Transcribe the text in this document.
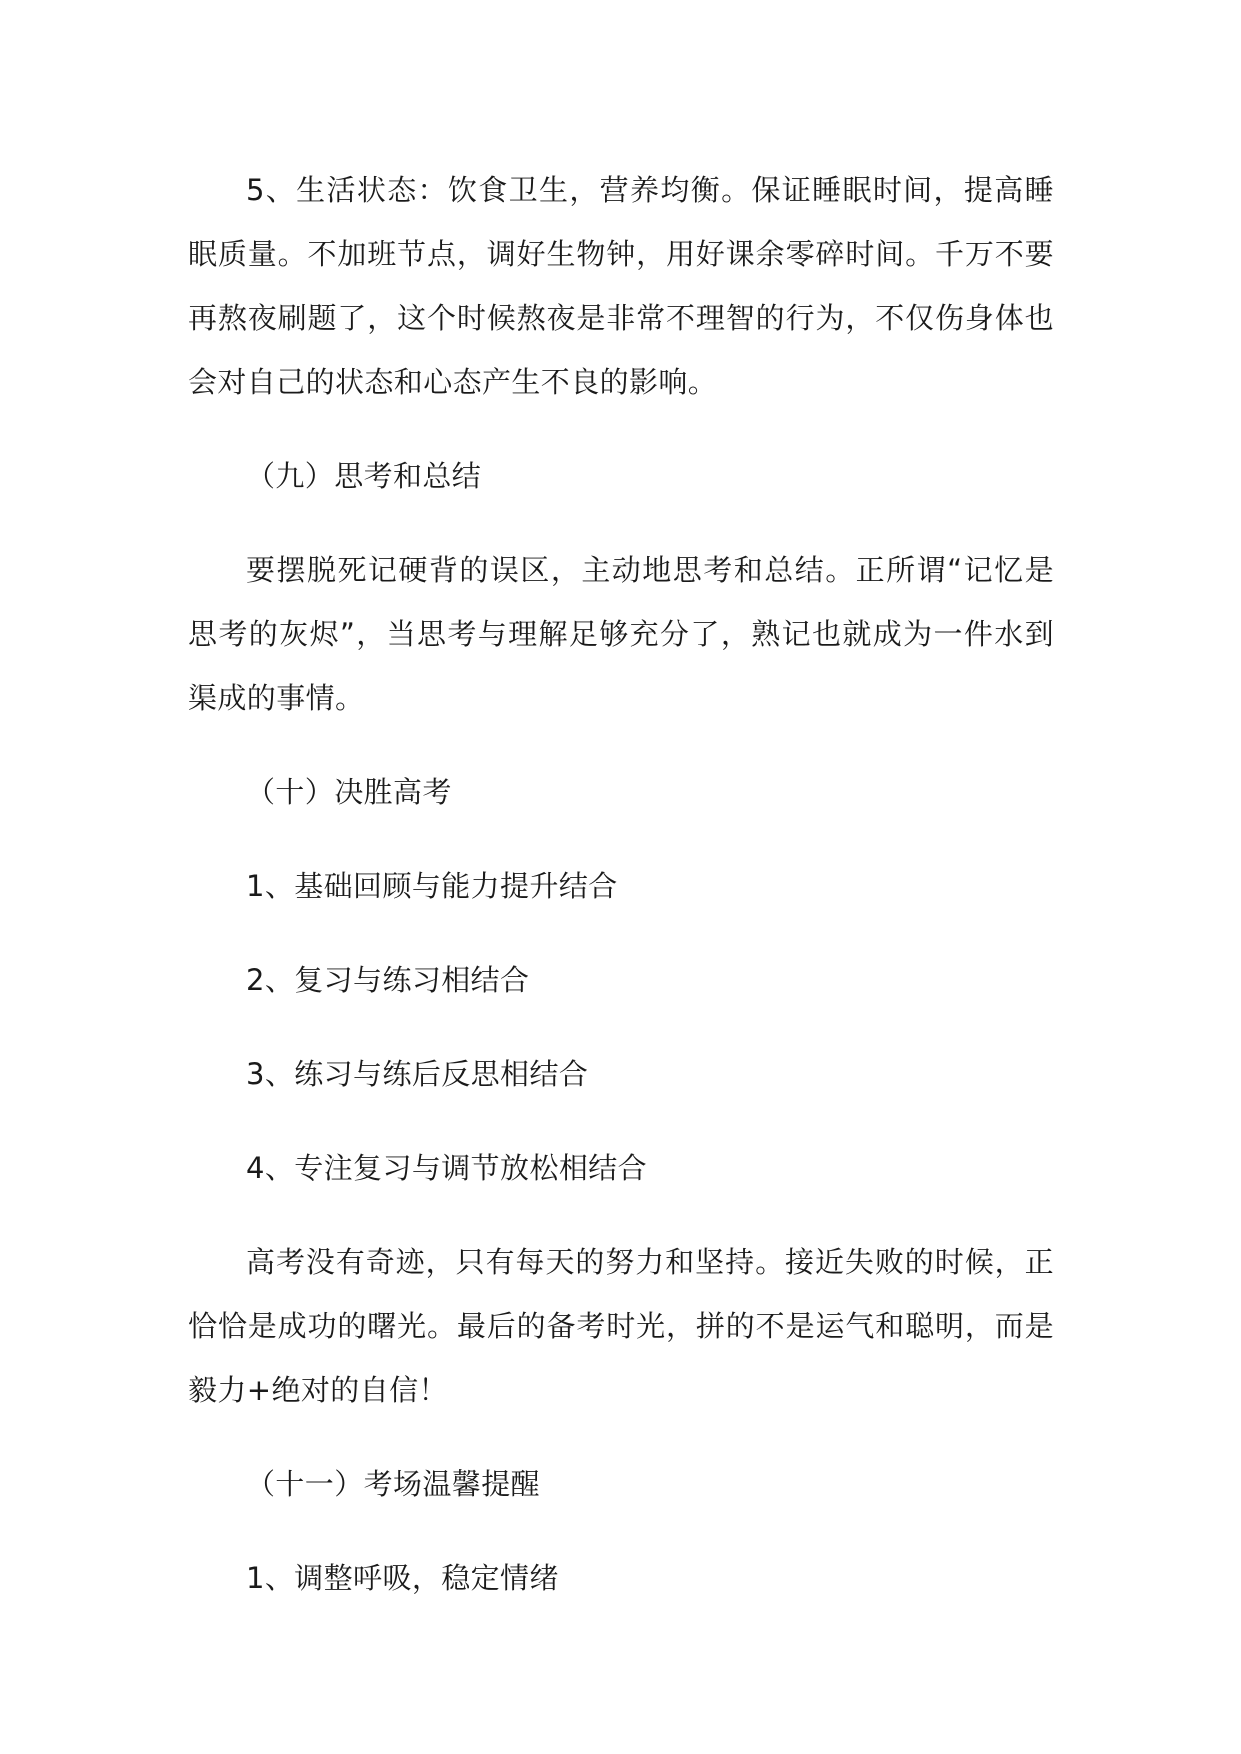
5、生活状态：饮食卫生，营养均衡。保证睡眠时间，提高睡眠质量。不加班节点，调好生物钟，用好课余零碎时间。千万不要再熬夜刷题了，这个时候熬夜是非常不理智的行为，不仅伤身体也会对自己的状态和心态产生不良的影响。

（九）思考和总结

要摆脱死记硬背的误区，主动地思考和总结。正所谓“记忆是思考的灰烬”，当思考与理解足够充分了，熟记也就成为一件水到渠成的事情。

（十）决胜高考

1、基础回顾与能力提升结合

2、复习与练习相结合

3、练习与练后反思相结合

4、专注复习与调节放松相结合

高考没有奇迹，只有每天的努力和坚持。接近失败的时候，正恰恰是成功的曙光。最后的备考时光，拼的不是运气和聪明，而是毅力+绝对的自信！

（十一）考场温馨提醒

1、调整呼吸，稳定情绪
